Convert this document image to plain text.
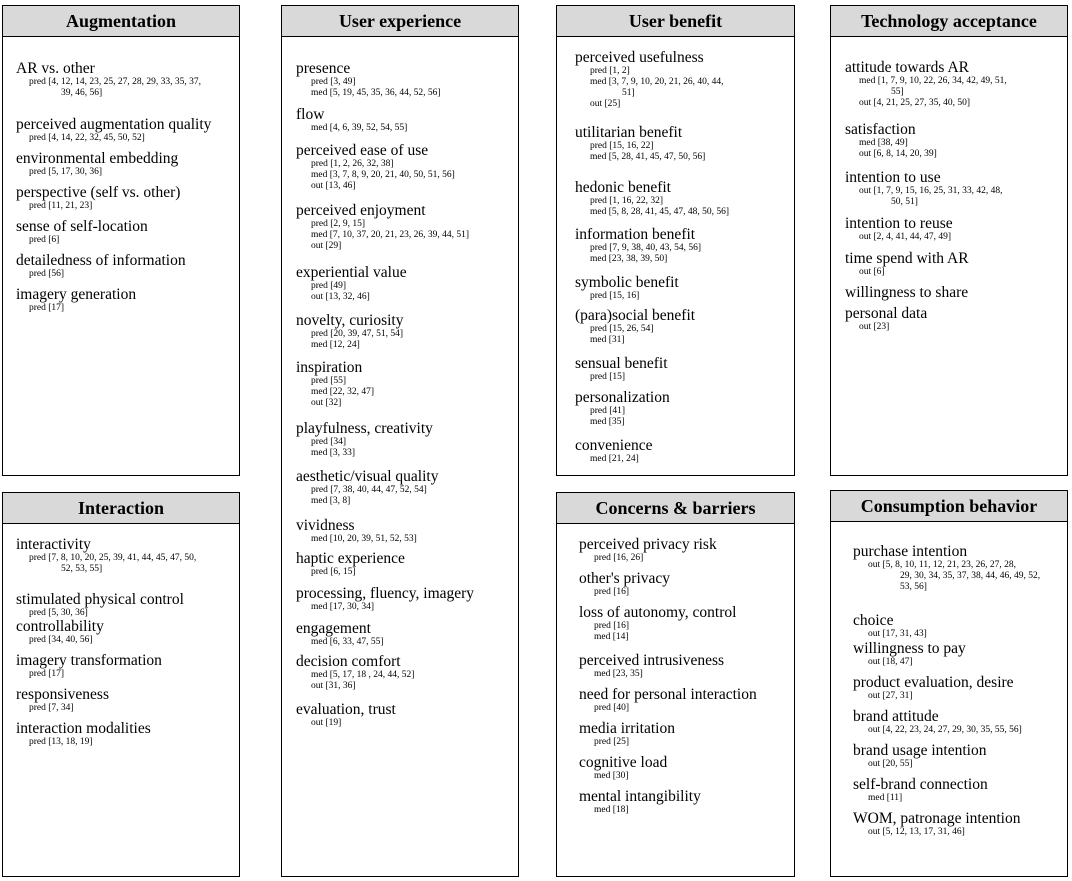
Augmentation
AR vs. other
pred [4, 12, 14, 23, 25, 27, 28, 29, 33, 35, 37,
39, 46, 56]
perceived augmentation quality
pred [4, 14, 22, 32, 45, 50, 52]
environmental embedding
pred [5, 17, 30, 36]
perspective (self vs. other)
pred [11, 21, 23]
sense of self-location
pred [6]
detailedness of information
pred [56]
imagery generation
pred [17]
User experience
presence
pred [3, 49]
med [5, 19, 45, 35, 36, 44, 52, 56]
flow
med [4, 6, 39, 52, 54, 55]
perceived ease of use
pred [1, 2, 26, 32, 38]
med [3, 7, 8, 9, 20, 21, 40, 50, 51, 56]
out [13, 46]
perceived enjoyment
pred [2, 9, 15]
med [7, 10, 37, 20, 21, 23, 26, 39, 44, 51]
out [29]
experiential value
pred [49]
out [13, 32, 46]
novelty, curiosity
pred [20, 39, 47, 51, 54]
med [12, 24]
inspiration
pred [55]
med [22, 32, 47]
out [32]
playfulness, creativity
pred [34]
med [3, 33]
aesthetic/visual quality
pred [7, 38, 40, 44, 47, 52, 54]
med [3, 8]
vividness
med [10, 20, 39, 51, 52, 53]
haptic experience
pred [6, 15]
processing, fluency, imagery
med [17, 30, 34]
engagement
med [6, 33, 47, 55]
decision comfort
med [5, 17, 18 , 24, 44, 52]
out [31, 36]
evaluation, trust
out [19]
User benefit
perceived usefulness
pred [1, 2]
med [3, 7, 9, 10, 20, 21, 26, 40, 44,
51]
out [25]
utilitarian benefit
pred [15, 16, 22]
med [5, 28, 41, 45, 47, 50, 56]
hedonic benefit
pred [1, 16, 22, 32]
med [5, 8, 28, 41, 45, 47, 48, 50, 56]
information benefit
pred [7, 9, 38, 40, 43, 54, 56]
med [23, 38, 39, 50]
symbolic benefit
pred [15, 16]
(para)social benefit
pred [15, 26, 54]
med [31]
sensual benefit
pred [15]
personalization
pred [41]
med [35]
convenience
med [21, 24]
Technology acceptance
attitude towards AR
med [1, 7, 9, 10, 22, 26, 34, 42, 49, 51,
55]
out [4, 21, 25, 27, 35, 40, 50]
satisfaction
med [38, 49]
out [6, 8, 14, 20, 39]
intention to use
out [1, 7, 9, 15, 16, 25, 31, 33, 42, 48,
50, 51]
intention to reuse
out [2, 4, 41, 44, 47, 49]
time spend with AR
out [6]
willingness to share
personal data
out [23]
Interaction
interactivity
pred [7, 8, 10, 20, 25, 39, 41, 44, 45, 47, 50,
52, 53, 55]
stimulated physical control
pred [5, 30, 36]
controllability
pred [34, 40, 56]
imagery transformation
pred [17]
responsiveness
pred [7, 34]
interaction modalities
pred [13, 18, 19]
Concerns & barriers
perceived privacy risk
pred [16, 26]
other's privacy
pred [16]
loss of autonomy, control
pred [16]
med [14]
perceived intrusiveness
med [23, 35]
need for personal interaction
pred [40]
media irritation
pred [25]
cognitive load
med [30]
mental intangibility
med [18]
Consumption behavior
purchase intention
out [5, 8, 10, 11, 12, 21, 23, 26, 27, 28,
29, 30, 34, 35, 37, 38, 44, 46, 49, 52,
53, 56]
choice
out [17, 31, 43]
willingness to pay
out [18, 47]
product evaluation, desire
out [27, 31]
brand attitude
out [4, 22, 23, 24, 27, 29, 30, 35, 55, 56]
brand usage intention
out [20, 55]
self-brand connection
med [11]
WOM, patronage intention
out [5, 12, 13, 17, 31, 46]
